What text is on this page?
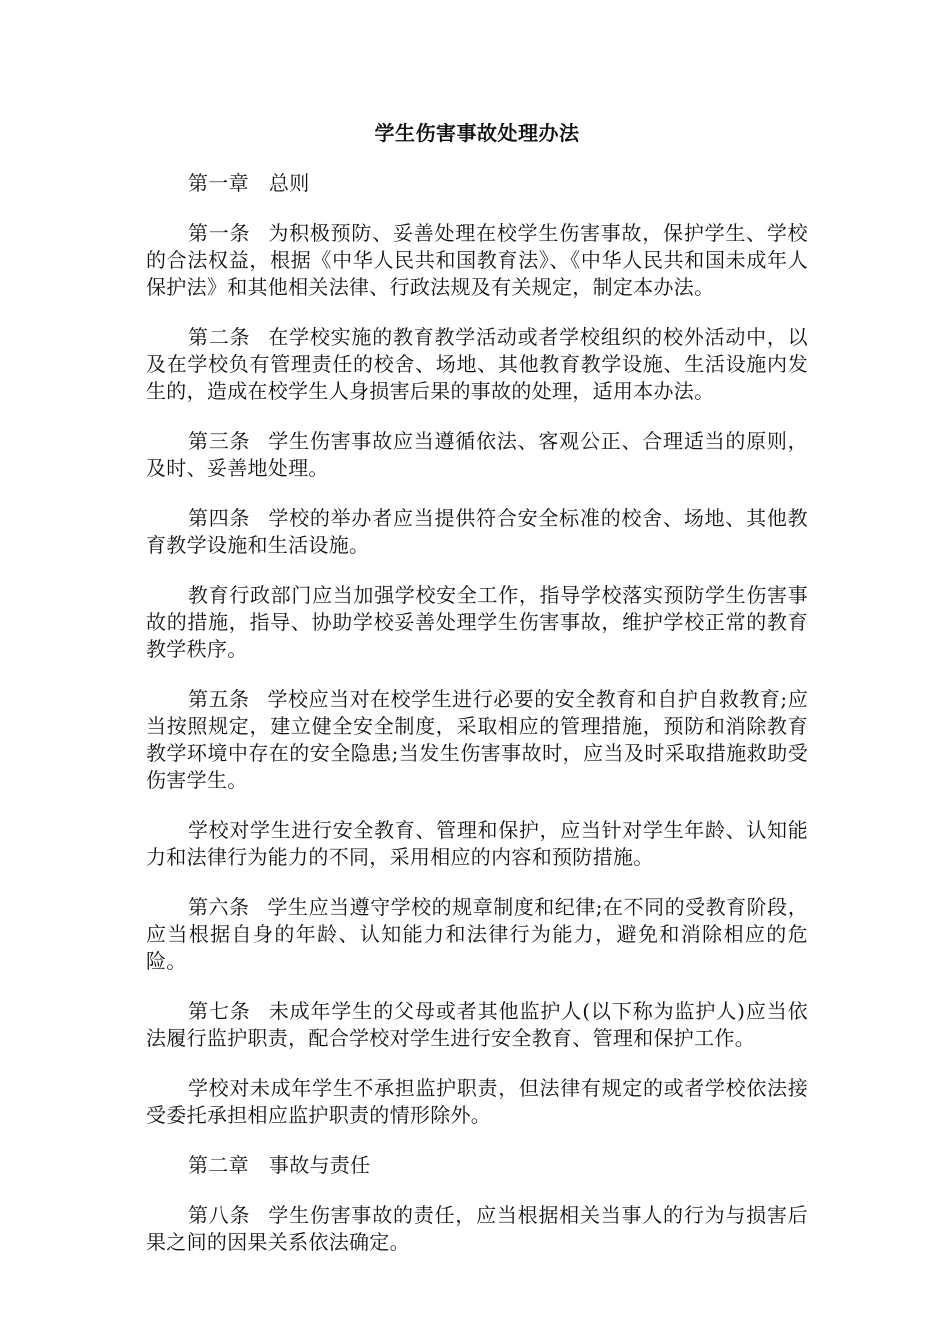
学生伤害事故处理办法

第一章 总则

第一条 为积极预防、妥善处理在校学生伤害事故，保护学生、学校的合法权益，根据《中华人民共和国教育法》、《中华人民共和国未成年人保护法》和其他相关法律、行政法规及有关规定，制定本办法。

第二条 在学校实施的教育教学活动或者学校组织的校外活动中，以及在学校负有管理责任的校舍、场地、其他教育教学设施、生活设施内发生的，造成在校学生人身损害后果的事故的处理，适用本办法。

第三条 学生伤害事故应当遵循依法、客观公正、合理适当的原则，及时、妥善地处理。

第四条 学校的举办者应当提供符合安全标准的校舍、场地、其他教育教学设施和生活设施。

教育行政部门应当加强学校安全工作，指导学校落实预防学生伤害事故的措施，指导、协助学校妥善处理学生伤害事故，维护学校正常的教育教学秩序。

第五条 学校应当对在校学生进行必要的安全教育和自护自救教育;应当按照规定，建立健全安全制度，采取相应的管理措施，预防和消除教育教学环境中存在的安全隐患;当发生伤害事故时，应当及时采取措施救助受伤害学生。

学校对学生进行安全教育、管理和保护，应当针对学生年龄、认知能力和法律行为能力的不同，采用相应的内容和预防措施。

第六条 学生应当遵守学校的规章制度和纪律;在不同的受教育阶段，应当根据自身的年龄、认知能力和法律行为能力，避免和消除相应的危险。

第七条 未成年学生的父母或者其他监护人(以下称为监护人)应当依法履行监护职责，配合学校对学生进行安全教育、管理和保护工作。

学校对未成年学生不承担监护职责，但法律有规定的或者学校依法接受委托承担相应监护职责的情形除外。

第二章 事故与责任

第八条 学生伤害事故的责任，应当根据相关当事人的行为与损害后果之间的因果关系依法确定。
